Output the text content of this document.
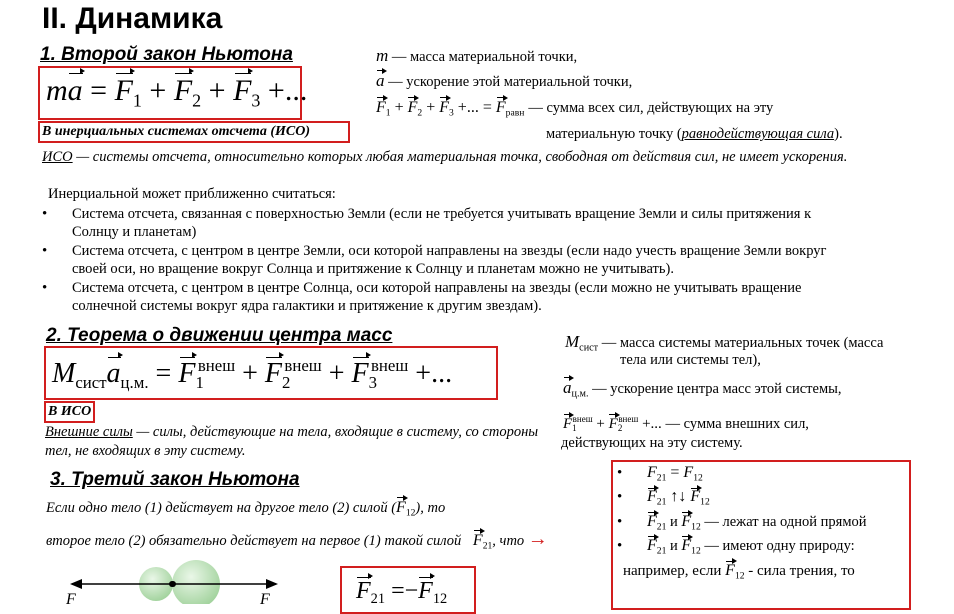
II. Динамика
1. Второй закон Ньютона
ma = $F_1 + F_2 + F_3$ +...
В инерциальных системах отсчета (ИСО)
m — масса материальной точки,
a — ускорение этой материальной точки,
$F_1 + F_2 + F_3$ +... = $F_{равн}$ — сумма всех сил, действующих на эту
материальную точку (равнодействующая сила).
ИСО — системы отсчета, относительно которых любая материальная точка, свободная от действия сил, не имеет ускорения.
Инерциальной может приближенно считаться:
• Система отсчета, связанная с поверхностью Земли (если не требуется учитывать вращение Земли и силы притяжения к Солнцу и планетам)
• Система отсчета, с центром в центре Земли, оси которой направлены на звезды (если надо учесть вращение Земли вокруг своей оси, но вращение вокруг Солнца и притяжение к Солнцу и планетам можно не учитывать).
• Система отсчета, с центром в центре Солнца, оси которой направлены на звезды (если можно не учитывать вращение солнечной системы вокруг ядра галактики и притяжение к другим звездам).
2. Теорема о движении центра масс
$M_{сист}a_{ц.м.} = F_1^{внеш} + F_2^{внеш} + F_3^{внеш}$ +...
В ИСО
Внешние силы — силы, действующие на тела, входящие в систему, со стороны тел, не входящих в эту систему.
$M_{сист}$ — масса системы материальных точек (масса
тела или системы тел),
$a_{ц.м.}$ — ускорение центра масс этой системы,
$F_1^{внеш} + F_2^{внеш}$ +... — сумма внешних сил,
действующих на эту систему.
3. Третий закон Ньютона
Если одно тело (1) действует на другое тело (2) силой $(F_{12})$, то
второе тело (2) обязательно действует на первое (1) такой силой $F_{21}$, что →
F	F	$F_{21} =-F_{12}$
• $F_{21} = F_{12}$
• $F_{21}$ ↑↓ $F_{12}$
• $F_{21}$ и $F_{12}$ — лежат на одной прямой
• $F_{21}$ и $F_{12}$ — имеют одну природу:
например, если $F_{12}$ - сила трения, то
